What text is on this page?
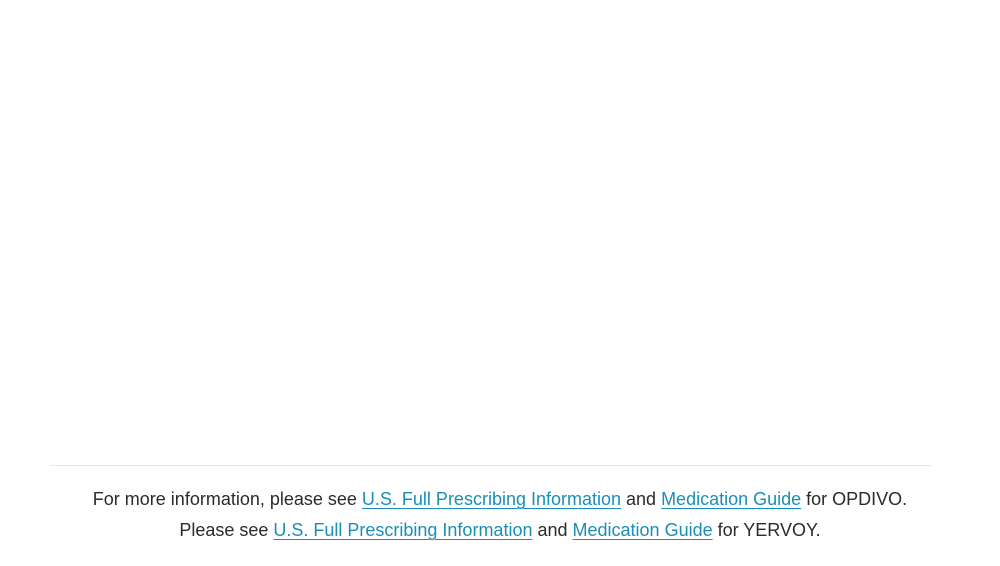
For more information, please see U.S. Full Prescribing Information and Medication Guide for OPDIVO.
Please see U.S. Full Prescribing Information and Medication Guide for YERVOY.
